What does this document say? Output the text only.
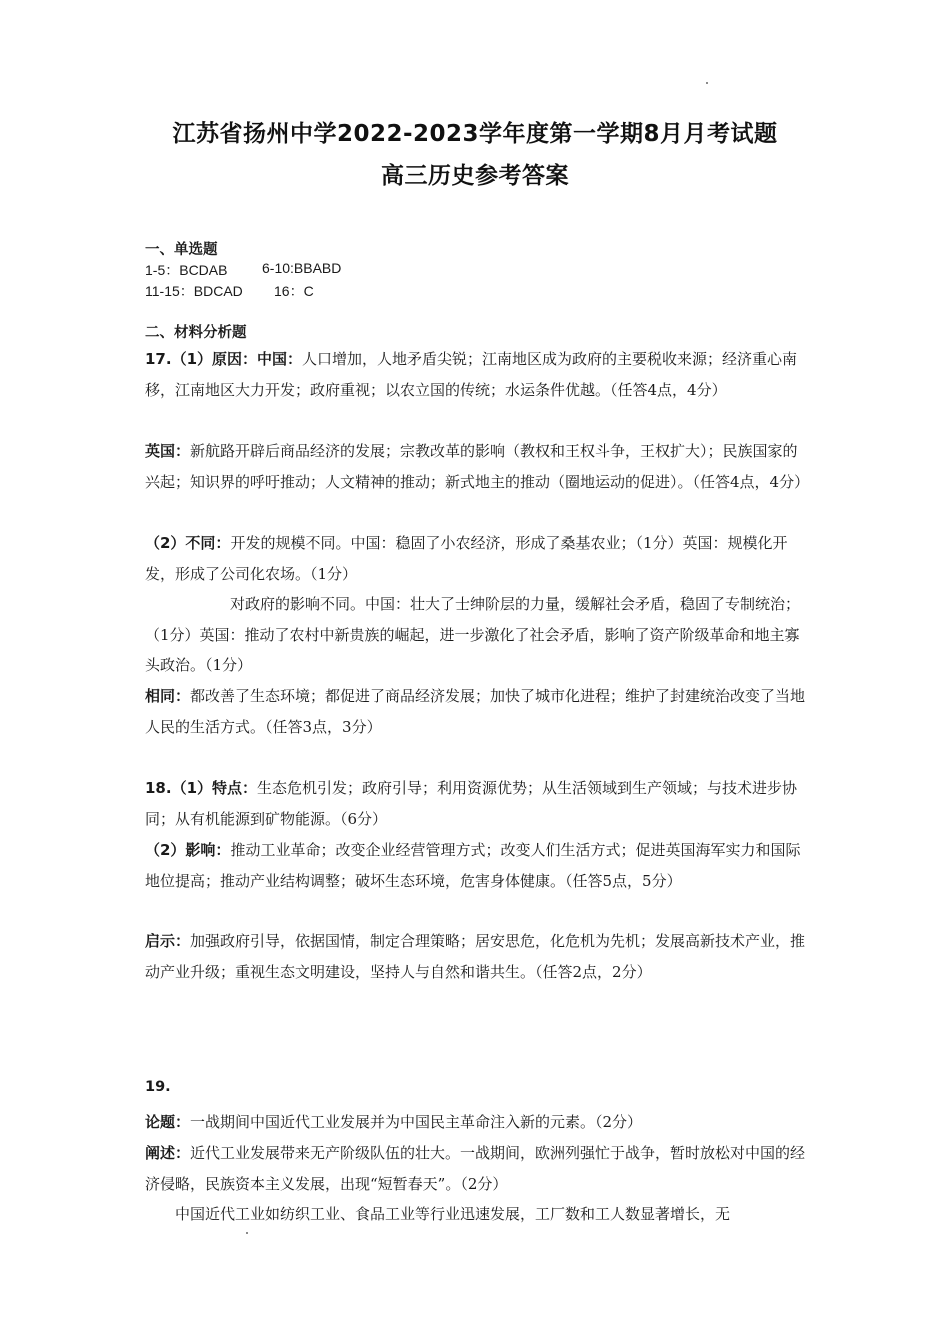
江苏省扬州中学2022-2023学年度第一学期8月月考试题
高三历史参考答案
一、单选题
1-5：BCDAB 6-10:BBABD
11-15：BDCAD 16：C
二、材料分析题
17.（1）原因：中国：人口增加，人地矛盾尖锐；江南地区成为政府的主要税收来源；经济重心南移，江南地区大力开发；政府重视；以农立国的传统；水运条件优越。（任答4点，4分）
英国：新航路开辟后商品经济的发展；宗教改革的影响（教权和王权斗争，王权扩大）；民族国家的兴起；知识界的呼吁推动；人文精神的推动；新式地主的推动（圈地运动的促进）。（任答4点，4分）
（2）不同：开发的规模不同。中国：稳固了小农经济，形成了桑基农业；（1分）英国：规模化开发，形成了公司化农场。（1分）
对政府的影响不同。中国：壮大了士绅阶层的力量，缓解社会矛盾，稳固了专制统治；（1分）英国：推动了农村中新贵族的崛起，进一步激化了社会矛盾，影响了资产阶级革命和地主寡头政治。（1分）
相同：都改善了生态环境；都促进了商品经济发展；加快了城市化进程；维护了封建统治改变了当地人民的生活方式。（任答3点，3分）
18.（1）特点：生态危机引发；政府引导；利用资源优势；从生活领域到生产领域；与技术进步协同；从有机能源到矿物能源。（6分）
（2）影响：推动工业革命；改变企业经营管理方式；改变人们生活方式；促进英国海军实力和国际地位提高；推动产业结构调整；破坏生态环境，危害身体健康。（任答5点，5分）
启示：加强政府引导，依据国情，制定合理策略；居安思危，化危机为先机；发展高新技术产业，推动产业升级；重视生态文明建设，坚持人与自然和谐共生。（任答2点，2分）
19.
论题：一战期间中国近代工业发展并为中国民主革命注入新的元素。（2分）
阐述：近代工业发展带来无产阶级队伍的壮大。一战期间，欧洲列强忙于战争，暂时放松对中国的经济侵略，民族资本主义发展，出现“短暂春天”。（2分）
中国近代工业如纺织工业、食品工业等行业迅速发展，工厂数和工人数显著增长，无
